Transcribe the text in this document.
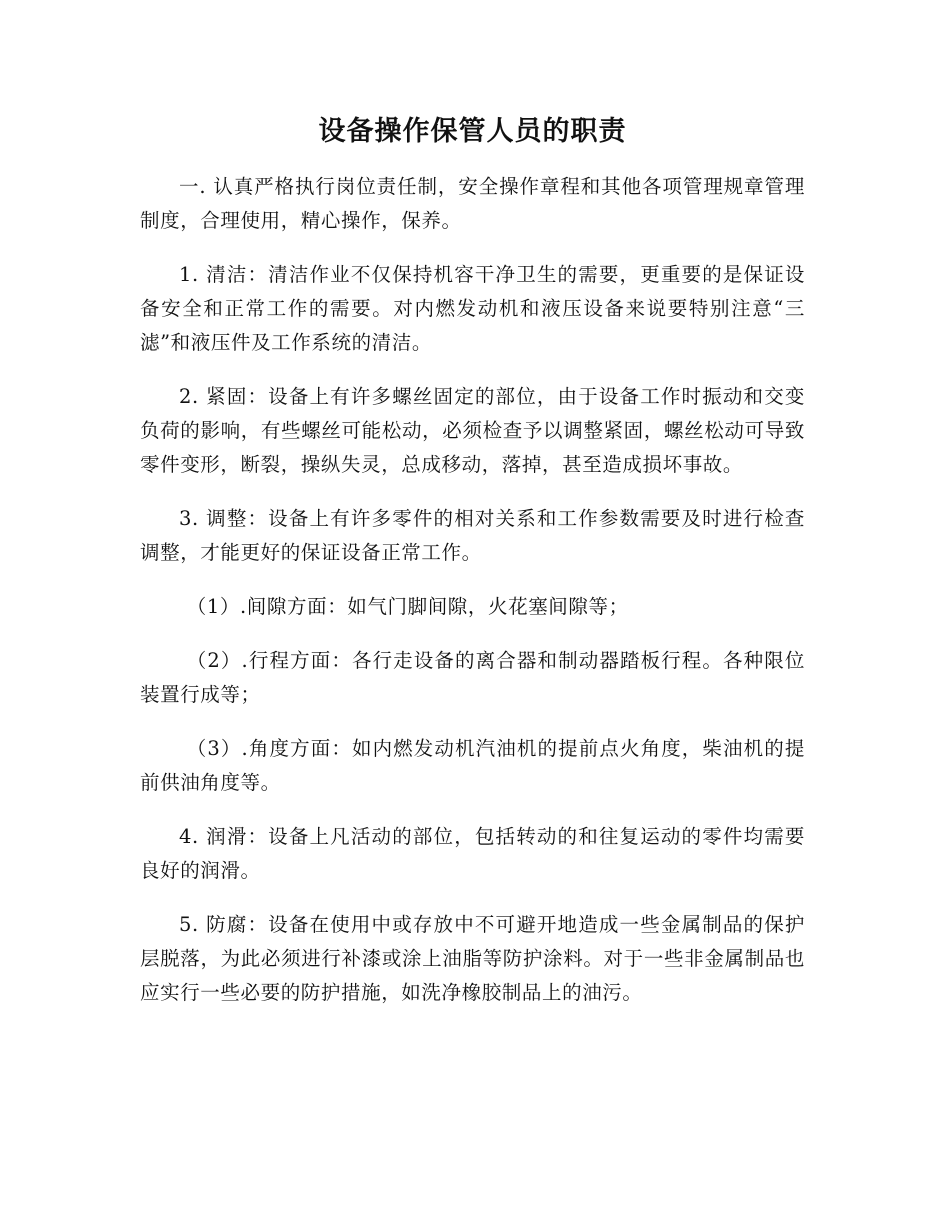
设备操作保管人员的职责

一. 认真严格执行岗位责任制，安全操作章程和其他各项管理规章管理制度，合理使用，精心操作，保养。

1. 清洁：清洁作业不仅保持机容干净卫生的需要，更重要的是保证设备安全和正常工作的需要。对内燃发动机和液压设备来说要特别注意“三滤”和液压件及工作系统的清洁。

2. 紧固：设备上有许多螺丝固定的部位，由于设备工作时振动和交变负荷的影响，有些螺丝可能松动，必须检查予以调整紧固，螺丝松动可导致零件变形，断裂，操纵失灵，总成移动，落掉，甚至造成损坏事故。

3. 调整：设备上有许多零件的相对关系和工作参数需要及时进行检查调整，才能更好的保证设备正常工作。

（1）.间隙方面：如气门脚间隙，火花塞间隙等；

（2）.行程方面：各行走设备的离合器和制动器踏板行程。各种限位装置行成等；

（3）.角度方面：如内燃发动机汽油机的提前点火角度，柴油机的提前供油角度等。

4. 润滑：设备上凡活动的部位，包括转动的和往复运动的零件均需要良好的润滑。

5. 防腐：设备在使用中或存放中不可避开地造成一些金属制品的保护层脱落，为此必须进行补漆或涂上油脂等防护涂料。对于一些非金属制品也应实行一些必要的防护措施，如洗净橡胶制品上的油污。
